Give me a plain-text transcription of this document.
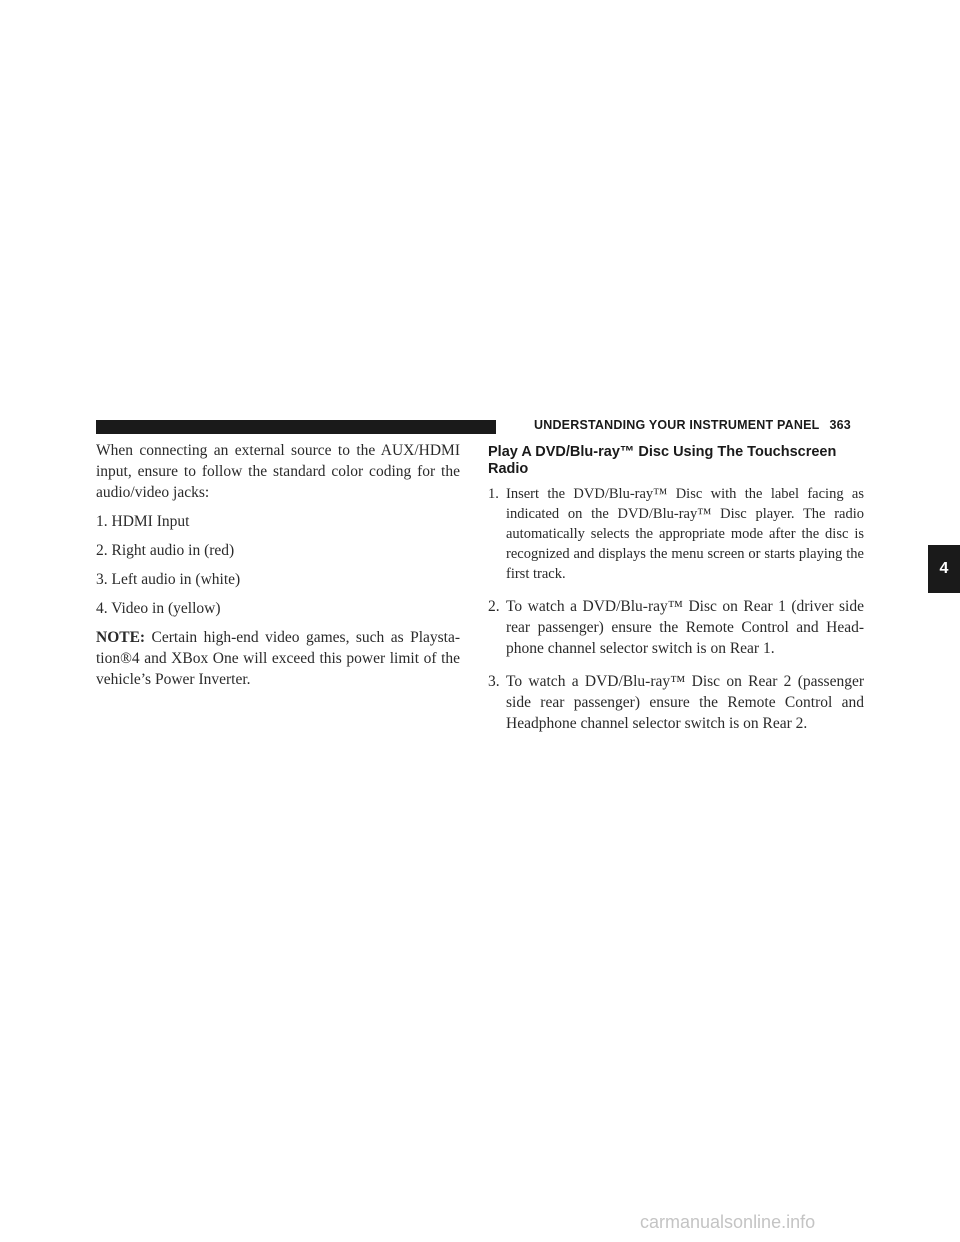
UNDERSTANDING YOUR INSTRUMENT PANEL 363
4

When connecting an external source to the AUX/HDMI input, ensure to follow the standard color coding for the audio/video jacks:

1. HDMI Input

2. Right audio in (red)

3. Left audio in (white)

4. Video in (yellow)

NOTE: Certain high-end video games, such as Playsta-tion®4 and XBox One will exceed this power limit of the vehicle’s Power Inverter.

Play A DVD/Blu-ray™ Disc Using The Touchscreen Radio
1. Insert the DVD/Blu-ray™ Disc with the label facing as indicated on the DVD/Blu-ray™ Disc player. The radio automatically selects the appropriate mode after the disc is recognized and displays the menu screen or starts playing the first track.
2. To watch a DVD/Blu-ray™ Disc on Rear 1 (driver side rear passenger) ensure the Remote Control and Head-phone channel selector switch is on Rear 1.
3. To watch a DVD/Blu-ray™ Disc on Rear 2 (passenger side rear passenger) ensure the Remote Control and Headphone channel selector switch is on Rear 2.
carmanualsonline.info
